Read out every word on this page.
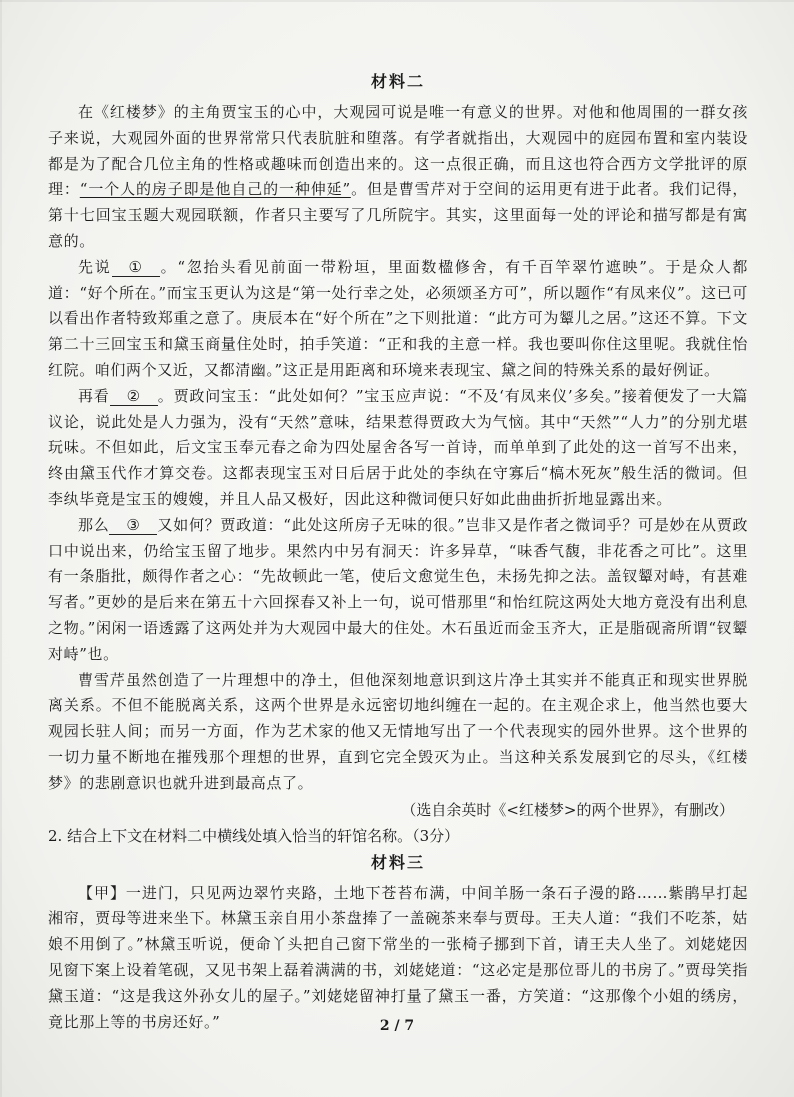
材料二

在《红楼梦》的主角贾宝玉的心中，大观园可说是唯一有意义的世界。对他和他周围的一群女孩子来说，大观园外面的世界常常只代表肮脏和堕落。有学者就指出，大观园中的庭园布置和室内装设都是为了配合几位主角的性格或趣味而创造出来的。这一点很正确，而且这也符合西方文学批评的原理：“一个人的房子即是他自己的一种伸延”。但是曹雪芹对于空间的运用更有进于此者。我们记得，第十七回宝玉题大观园联额，作者只主要写了几所院宇。其实，这里面每一处的评论和描写都是有寓意的。

先说 ① 。“忽抬头看见前面一带粉垣，里面数楹修舍，有千百竿翠竹遮映”。于是众人都道：“好个所在。”而宝玉更认为这是“第一处行幸之处，必须颂圣方可”，所以题作“有凤来仪”。这已可以看出作者特致郑重之意了。庚辰本在“好个所在”之下则批道：“此方可为颦儿之居。”这还不算。下文第二十三回宝玉和黛玉商量住处时，拍手笑道：“正和我的主意一样。我也要叫你住这里呢。我就住怡红院。咱们两个又近，又都清幽。”这正是用距离和环境来表现宝、黛之间的特殊关系的最好例证。

再看 ② 。贾政问宝玉：“此处如何？”宝玉应声说：“不及‘有凤来仪’多矣。”接着便发了一大篇议论，说此处是人力强为，没有“天然”意味，结果惹得贾政大为气恼。其中“天然”“人力”的分别尤堪玩味。不但如此，后文宝玉奉元春之命为四处屋舍各写一首诗，而单单到了此处的这一首写不出来，终由黛玉代作才算交卷。这都表现宝玉对日后居于此处的李纨在守寡后“槁木死灰”般生活的微词。但李纨毕竟是宝玉的嫂嫂，并且人品又极好，因此这种微词便只好如此曲曲折折地显露出来。

那么 ③ 又如何？贾政道：“此处这所房子无味的很。”岂非又是作者之微词乎？可是妙在从贾政口中说出来，仍给宝玉留了地步。果然内中另有洞天：许多异草，“味香气馥，非花香之可比”。这里有一条脂批，颇得作者之心：“先故顿此一笔，使后文愈觉生色，未扬先抑之法。盖钗颦对峙，有甚难写者。”更妙的是后来在第五十六回探春又补上一句，说可惜那里“和怡红院这两处大地方竟没有出利息之物。”闲闲一语透露了这两处并为大观园中最大的住处。木石虽近而金玉齐大，正是脂砚斋所谓“钗颦对峙”也。

曹雪芹虽然创造了一片理想中的净土，但他深刻地意识到这片净土其实并不能真正和现实世界脱离关系。不但不能脱离关系，这两个世界是永远密切地纠缠在一起的。在主观企求上，他当然也要大观园长驻人间；而另一方面，作为艺术家的他又无情地写出了一个代表现实的园外世界。这个世界的一切力量不断地在摧残那个理想的世界，直到它完全毁灭为止。当这种关系发展到它的尽头，《红楼梦》的悲剧意识也就升进到最高点了。

（选自余英时《<红楼梦>的两个世界》，有删改）

2. 结合上下文在材料二中横线处填入恰当的轩馆名称。（3分）

材料三

【甲】一进门，只见两边翠竹夹路，土地下苍苔布满，中间羊肠一条石子漫的路……紫鹃早打起湘帘，贾母等进来坐下。林黛玉亲自用小茶盘捧了一盖碗茶来奉与贾母。王夫人道：“我们不吃茶，姑娘不用倒了。”林黛玉听说，便命丫头把自己窗下常坐的一张椅子挪到下首，请王夫人坐了。刘姥姥因见窗下案上设着笔砚，又见书架上磊着满满的书，刘姥姥道：“这必定是那位哥儿的书房了。”贾母笑指黛玉道：“这是我这外孙女儿的屋子。”刘姥姥留神打量了黛玉一番，方笑道：“这那像个小姐的绣房，竟比那上等的书房还好。”	2 / 7
